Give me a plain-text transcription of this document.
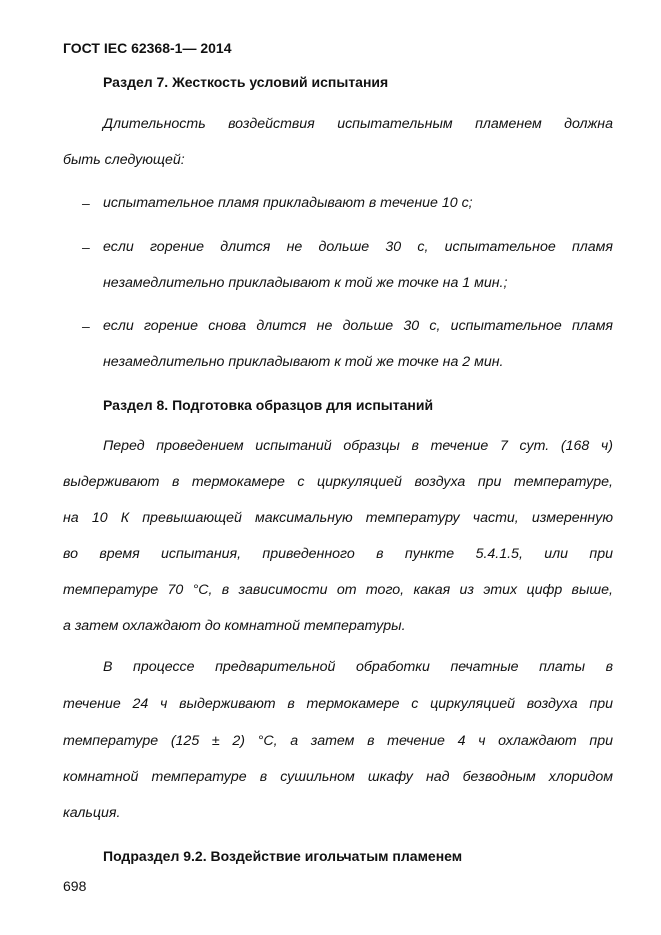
ГОСТ IEC 62368-1— 2014
Раздел 7. Жесткость условий испытания
Длительность воздействия испытательным пламенем должна
быть следующей:
– испытательное пламя прикладывают в течение 10 с;
– если горение длится не дольше 30 с, испытательное пламя
незамедлительно прикладывают к той же точке на 1 мин.;
– если горение снова длится не дольше 30 с, испытательное пламя
незамедлительно прикладывают к той же точке на 2 мин.
Раздел 8. Подготовка образцов для испытаний
Перед проведением испытаний образцы в течение 7 сут. (168 ч)
выдерживают в термокамере с циркуляцией воздуха при температуре,
на 10 К превышающей максимальную температуру части, измеренную
во время испытания, приведенного в пункте 5.4.1.5, или при
температуре 70 °С, в зависимости от того, какая из этих цифр выше,
а затем охлаждают до комнатной температуры.
В процессе предварительной обработки печатные платы в
течение 24 ч выдерживают в термокамере с циркуляцией воздуха при
температуре (125 ± 2) °С, а затем в течение 4 ч охлаждают при
комнатной температуре в сушильном шкафу над безводным хлоридом
кальция.
Подраздел 9.2. Воздействие игольчатым пламенем
698
